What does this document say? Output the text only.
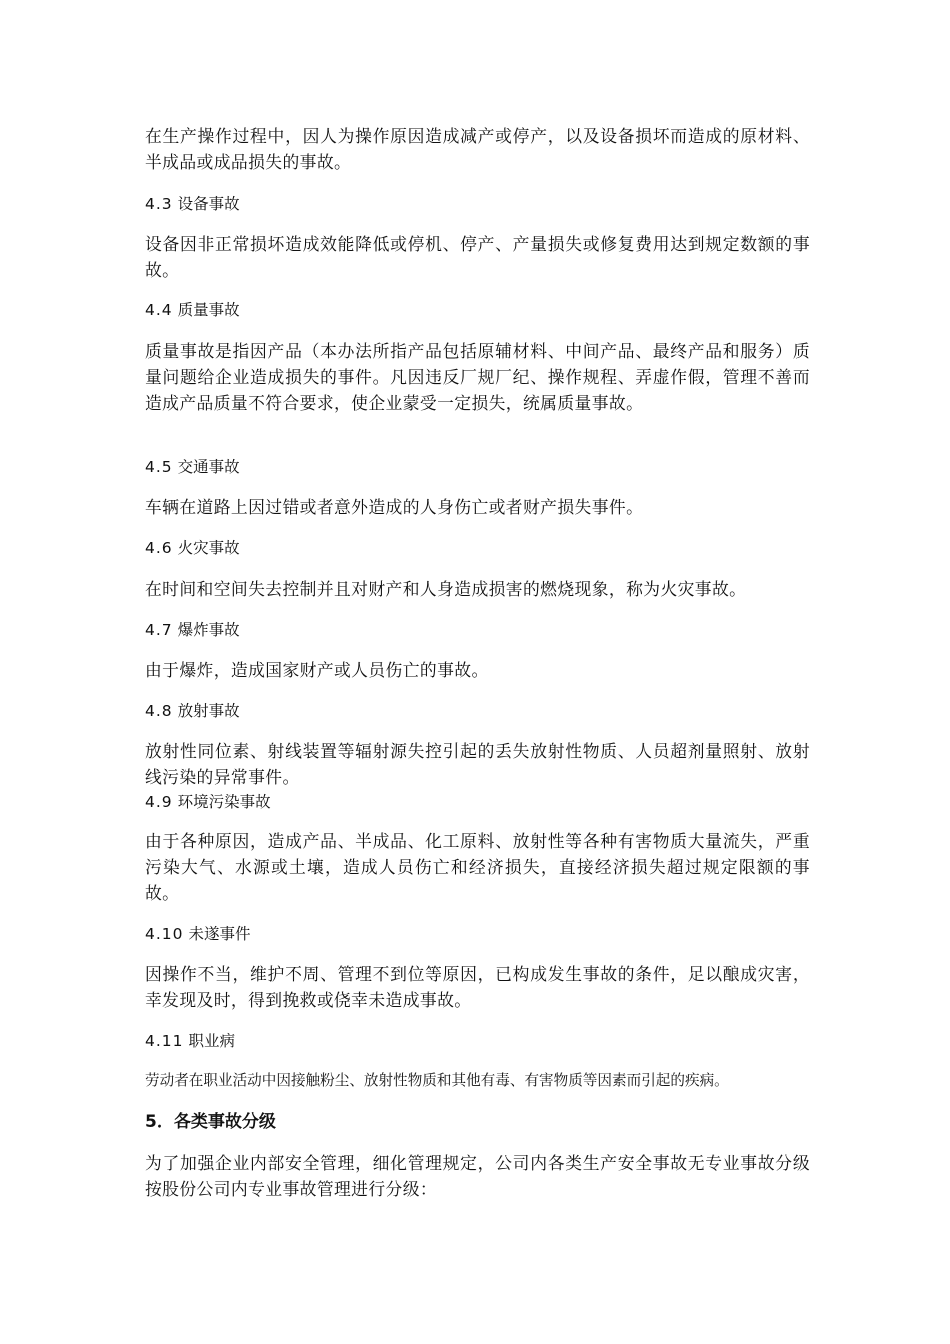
在生产操作过程中，因人为操作原因造成减产或停产，以及设备损坏而造成的原材料、半成品或成品损失的事故。

4.3 设备事故

设备因非正常损坏造成效能降低或停机、停产、产量损失或修复费用达到规定数额的事故。

4.4 质量事故

质量事故是指因产品（本办法所指产品包括原辅材料、中间产品、最终产品和服务）质量问题给企业造成损失的事件。凡因违反厂规厂纪、操作规程、弄虚作假，管理不善而造成产品质量不符合要求，使企业蒙受一定损失，统属质量事故。

4.5 交通事故

车辆在道路上因过错或者意外造成的人身伤亡或者财产损失事件。

4.6 火灾事故

在时间和空间失去控制并且对财产和人身造成损害的燃烧现象，称为火灾事故。

4.7 爆炸事故

由于爆炸，造成国家财产或人员伤亡的事故。

4.8 放射事故

放射性同位素、射线装置等辐射源失控引起的丢失放射性物质、人员超剂量照射、放射线污染的异常事件。

4.9 环境污染事故

由于各种原因，造成产品、半成品、化工原料、放射性等各种有害物质大量流失，严重污染大气、水源或土壤，造成人员伤亡和经济损失，直接经济损失超过规定限额的事故。

4.10 未遂事件

因操作不当，维护不周、管理不到位等原因，已构成发生事故的条件，足以酿成灾害，幸发现及时，得到挽救或侥幸未造成事故。

4.11 职业病

劳动者在职业活动中因接触粉尘、放射性物质和其他有毒、有害物质等因素而引起的疾病。

5．各类事故分级

为了加强企业内部安全管理，细化管理规定，公司内各类生产安全事故无专业事故分级按股份公司内专业事故管理进行分级：
